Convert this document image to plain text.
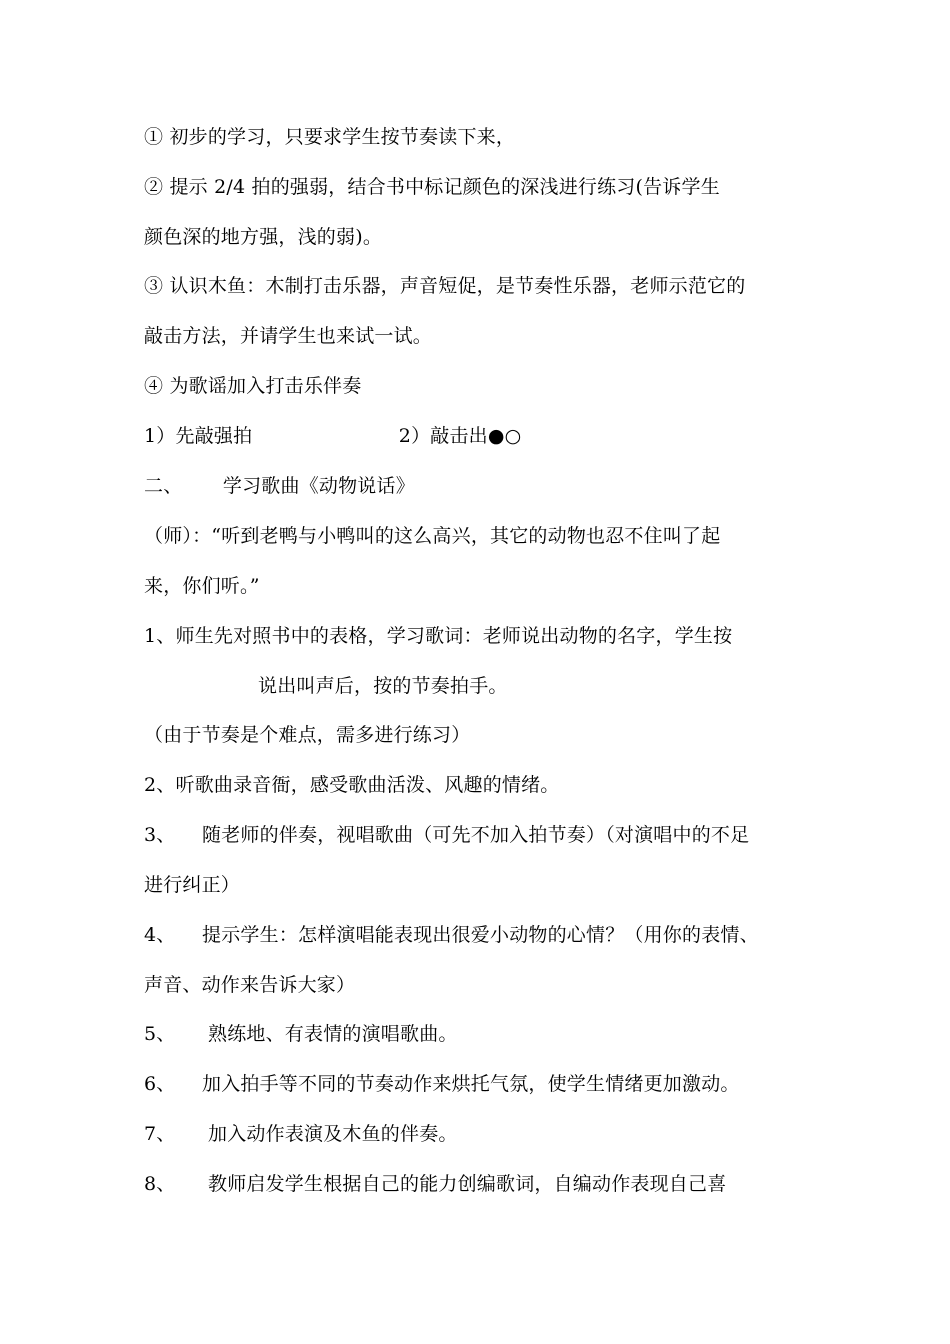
① 初步的学习，只要求学生按节奏读下来，
② 提示 2/4 拍的强弱，结合书中标记颜色的深浅进行练习(告诉学生
颜色深的地方强，浅的弱)。
③ 认识木鱼：木制打击乐器，声音短促，是节奏性乐器，老师示范它的
敲击方法，并请学生也来试一试。
④ 为歌谣加入打击乐伴奏
1）先敲强拍	2）敲击出●○
二、 学习歌曲《动物说话》
（师）：“听到老鸭与小鸭叫的这么高兴，其它的动物也忍不住叫了起
来，你们听。”
1、师生先对照书中的表格，学习歌词：老师说出动物的名字，学生按
说出叫声后，按的节奏拍手。
（由于节奏是个难点，需多进行练习）
2、听歌曲录音衙，感受歌曲活泼、风趣的情绪。
3、 随老师的伴奏，视唱歌曲（可先不加入拍节奏）（对演唱中的不足
进行纠正）
4、 提示学生：怎样演唱能表现出很爱小动物的心情？（用你的表情、
声音、动作来告诉大家）
5、 熟练地、有表情的演唱歌曲。
6、 加入拍手等不同的节奏动作来烘托气氛，使学生情绪更加激动。
7、 加入动作表演及木鱼的伴奏。
8、 教师启发学生根据自己的能力创编歌词，自编动作表现自己喜
